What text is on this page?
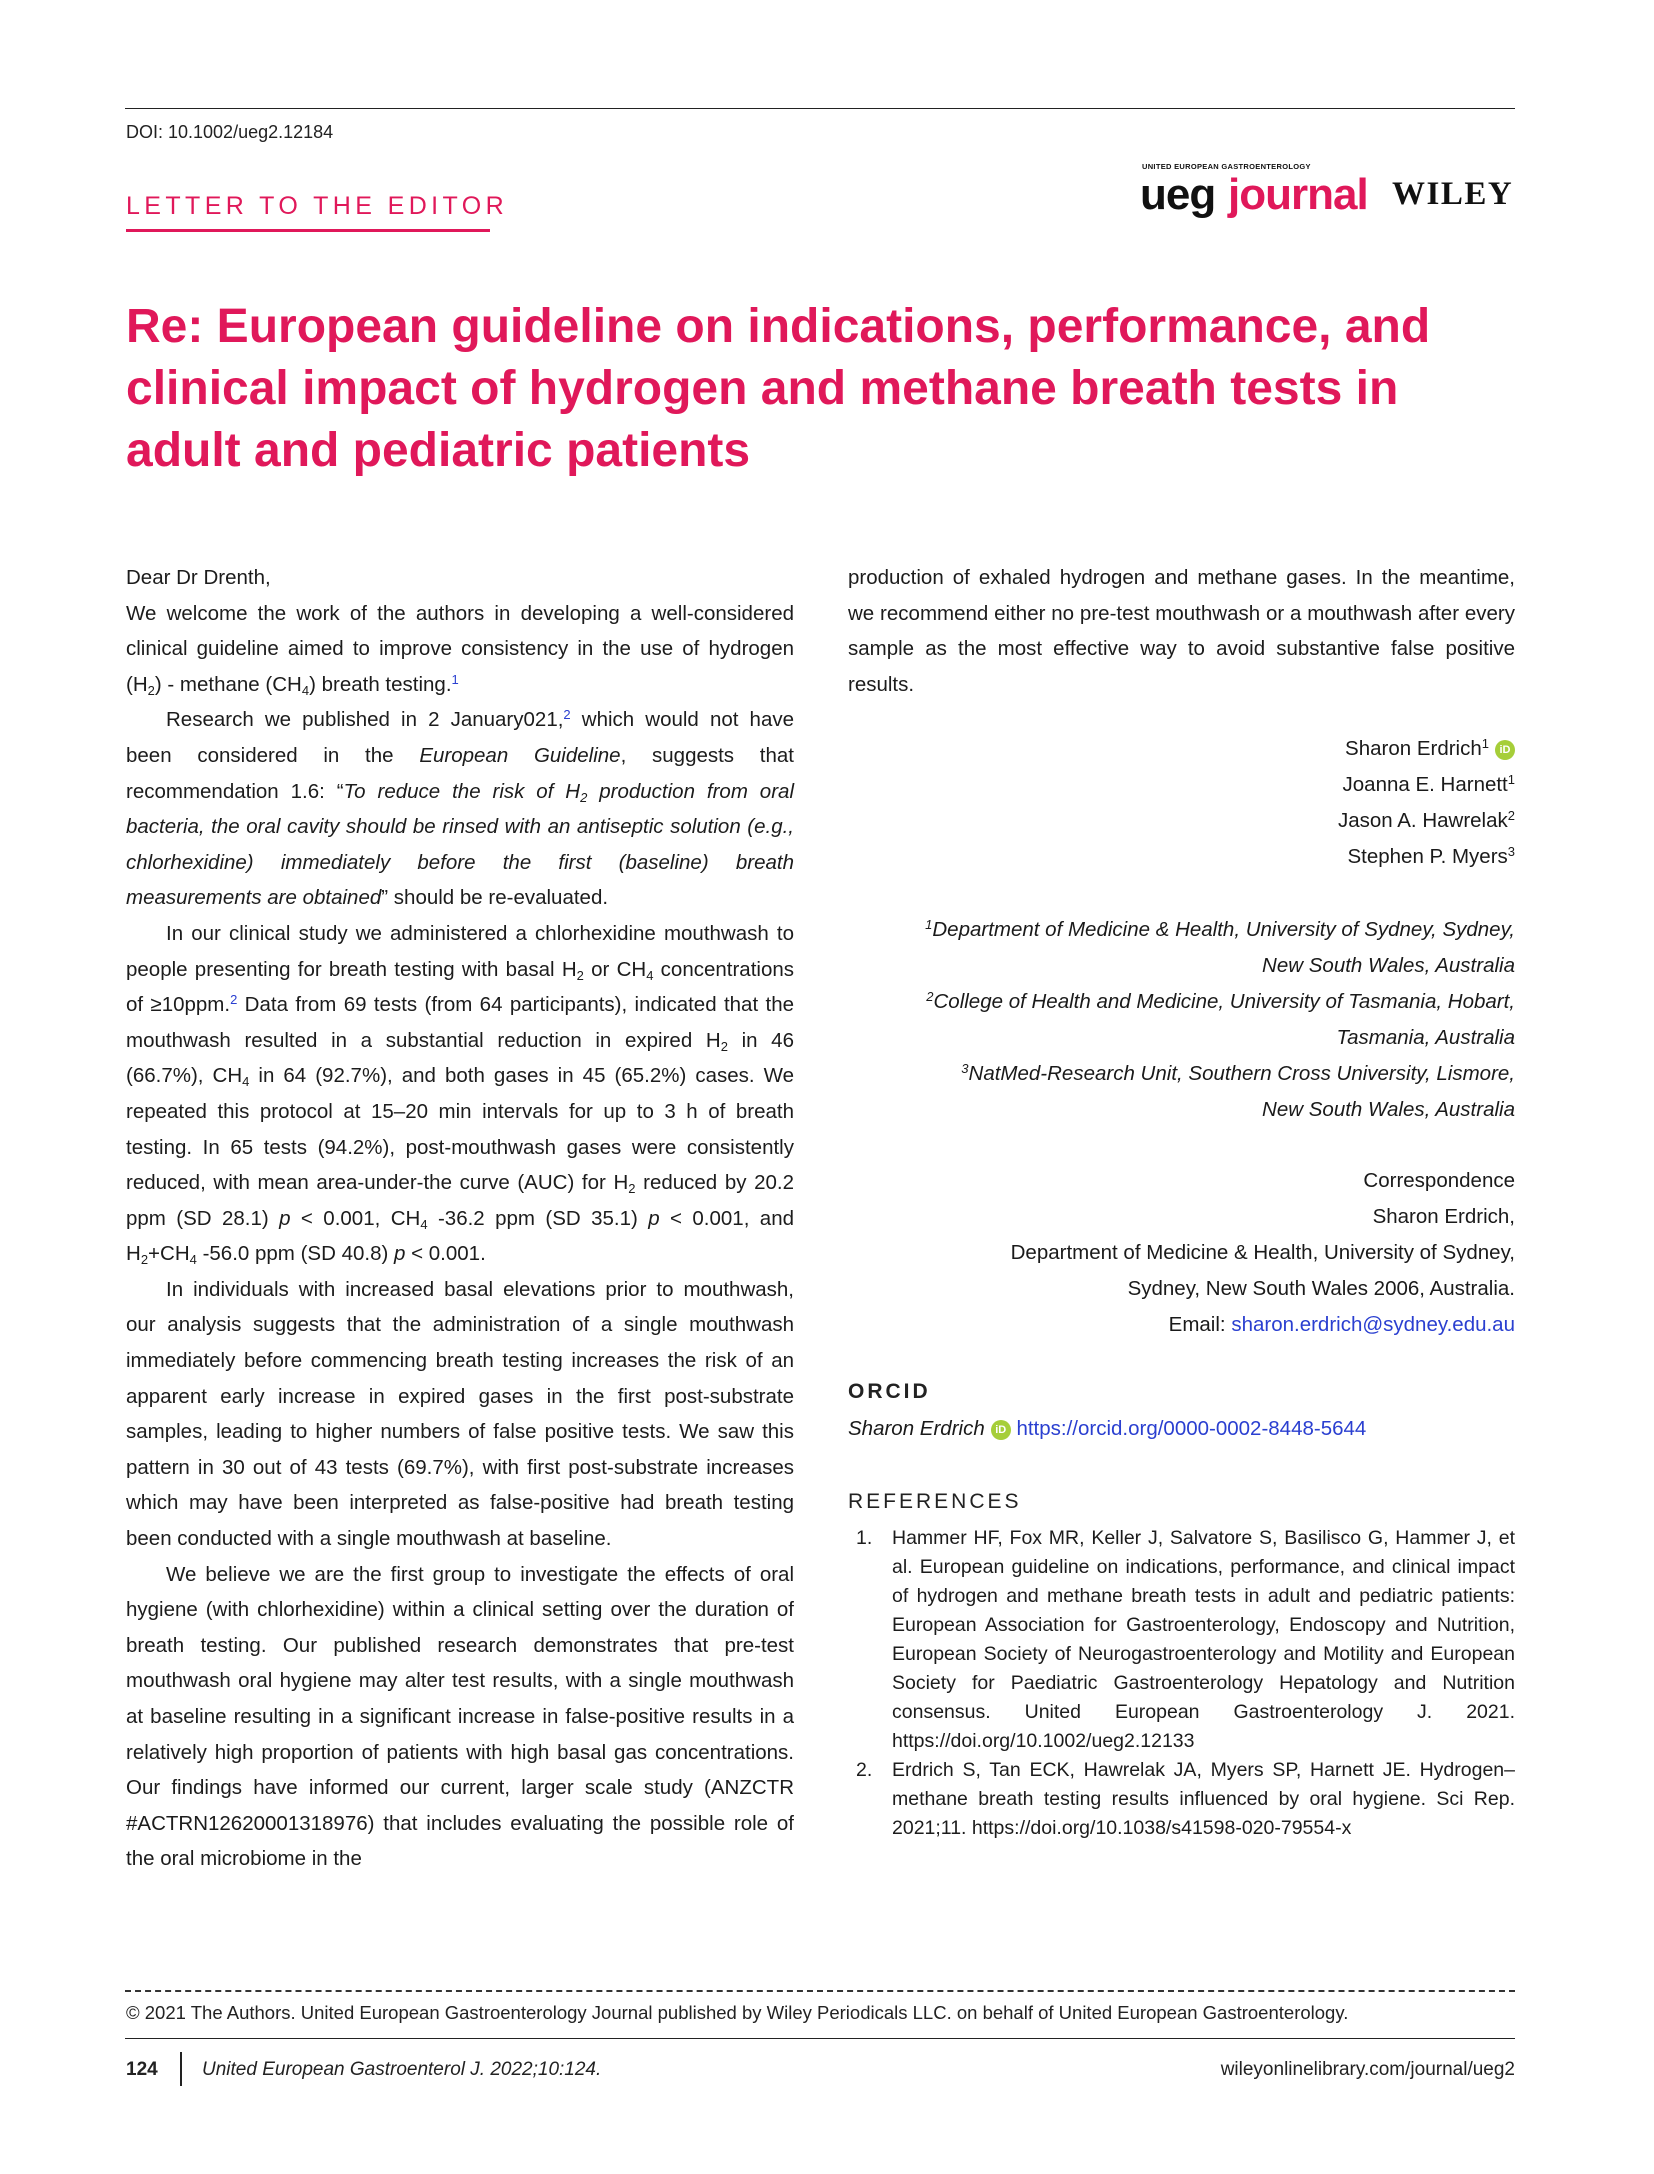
DOI: 10.1002/ueg2.12184
LETTER TO THE EDITOR
UNITED EUROPEAN GASTROENTEROLOGY
ueg journal WILEY
Re: European guideline on indications, performance, and clinical impact of hydrogen and methane breath tests in adult and pediatric patients

Dear Dr Drenth,

We welcome the work of the authors in developing a well-considered clinical guideline aimed to improve consistency in the use of hydrogen $(H_2)$ - methane $(CH_4)$ breath testing.$^1$

Research we published in 2 January021,$^2$ which would not have been considered in the European Guideline, suggests that recommendation 1.6: “To reduce the risk of $H_2$ production from oral bacteria, the oral cavity should be rinsed with an antiseptic solution (e.g., chlorhexidine) immediately before the first (baseline) breath measurements are obtained” should be re-evaluated.

In our clinical study we administered a chlorhexidine mouthwash to people presenting for breath testing with basal $H_2$ or $CH_4$ concentrations of ≥10ppm.$^2$ Data from 69 tests (from 64 participants), indicated that the mouthwash resulted in a substantial reduction in expired $H_2$ in 46 (66.7%), $CH_4$ in 64 (92.7%), and both gases in 45 (65.2%) cases. We repeated this protocol at 15–20 min intervals for up to 3 h of breath testing. In 65 tests (94.2%), post-mouthwash gases were consistently reduced, with mean area-under-the curve (AUC) for $H_2$ reduced by 20.2 ppm (SD 28.1) p < 0.001, $CH_4$ -36.2 ppm (SD 35.1) p < 0.001, and $H_2+CH_4$ -56.0 ppm (SD 40.8) p < 0.001.

In individuals with increased basal elevations prior to mouthwash, our analysis suggests that the administration of a single mouthwash immediately before commencing breath testing increases the risk of an apparent early increase in expired gases in the first post-substrate samples, leading to higher numbers of false positive tests. We saw this pattern in 30 out of 43 tests (69.7%), with first post-substrate increases which may have been interpreted as false-positive had breath testing been conducted with a single mouthwash at baseline.

We believe we are the first group to investigate the effects of oral hygiene (with chlorhexidine) within a clinical setting over the duration of breath testing. Our published research demonstrates that pre-test mouthwash oral hygiene may alter test results, with a single mouthwash at baseline resulting in a significant increase in false-positive results in a relatively high proportion of patients with high basal gas concentrations. Our findings have informed our current, larger scale study (ANZCTR #ACTRN12620001318976) that includes evaluating the possible role of the oral microbiome in the

production of exhaled hydrogen and methane gases. In the meantime, we recommend either no pre-test mouthwash or a mouthwash after every sample as the most effective way to avoid substantive false positive results.

Sharon Erdrich$^1$ iD
Joanna E. Harnett$^1$
Jason A. Hawrelak$^2$
Stephen P. Myers$^3$
$^1$Department of Medicine & Health, University of Sydney, Sydney,
New South Wales, Australia
$^2$College of Health and Medicine, University of Tasmania, Hobart,
Tasmania, Australia
$^3$NatMed-Research Unit, Southern Cross University, Lismore,
New South Wales, Australia
Correspondence
Sharon Erdrich,
Department of Medicine & Health, University of Sydney,
Sydney, New South Wales 2006, Australia.
Email: sharon.erdrich@sydney.edu.au
ORCID
Sharon Erdrich iD https://orcid.org/0000-0002-8448-5644
REFERENCES
1. Hammer HF, Fox MR, Keller J, Salvatore S, Basilisco G, Hammer J, et al. European guideline on indications, performance, and clinical impact of hydrogen and methane breath tests in adult and pediatric patients: European Association for Gastroenterology, Endoscopy and Nutrition, European Society of Neurogastroenterology and Motility and European Society for Paediatric Gastroenterology Hepatology and Nutrition consensus. United European Gastroenterology J. 2021. https://doi.org/10.1002/ueg2.12133
2. Erdrich S, Tan ECK, Hawrelak JA, Myers SP, Harnett JE. Hydrogen–methane breath testing results influenced by oral hygiene. Sci Rep. 2021;11. https://doi.org/10.1038/s41598-020-79554-x
© 2021 The Authors. United European Gastroenterology Journal published by Wiley Periodicals LLC. on behalf of United European Gastroenterology.
124 United European Gastroenterol J. 2022;10:124.	wileyonlinelibrary.com/journal/ueg2
